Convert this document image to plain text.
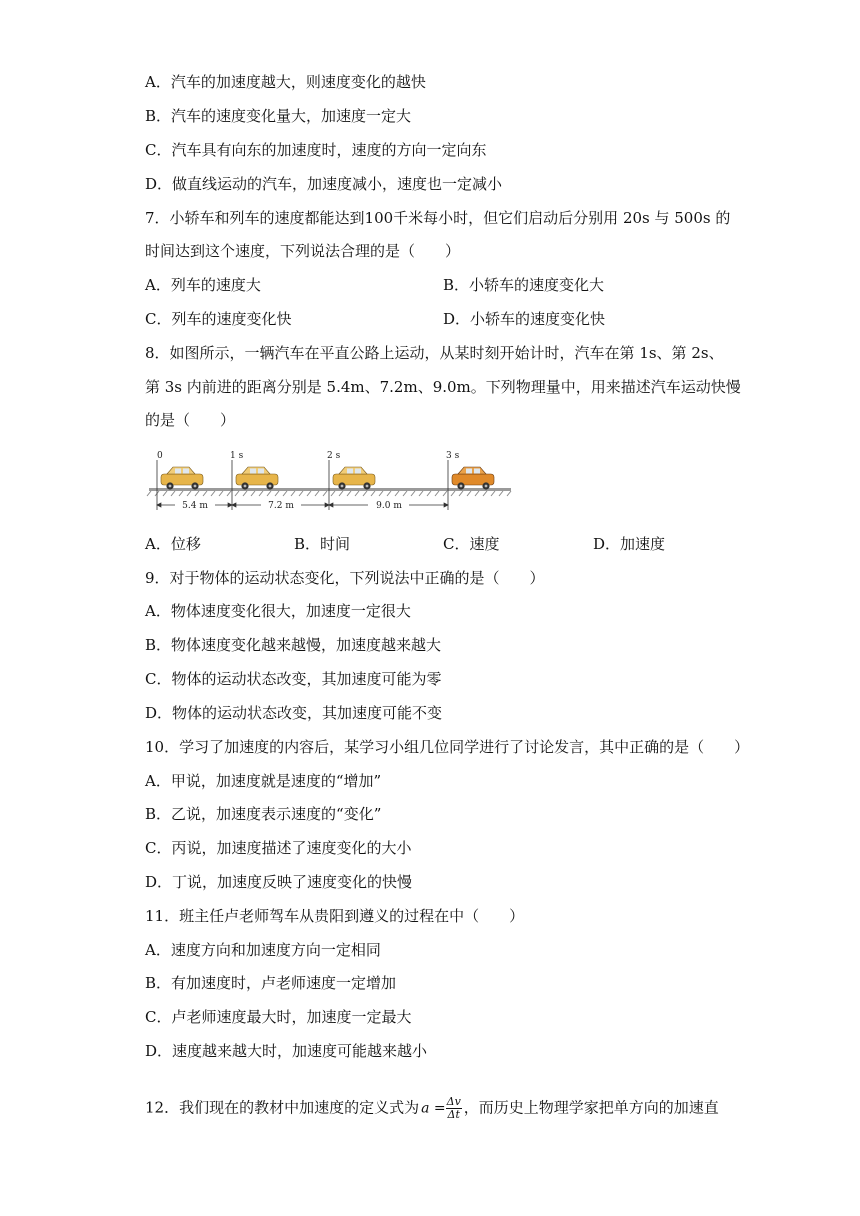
A．汽车的加速度越大，则速度变化的越快
B．汽车的速度变化量大，加速度一定大
C．汽车具有向东的加速度时，速度的方向一定向东
D．做直线运动的汽车，加速度减小，速度也一定减小
7．小轿车和列车的速度都能达到100千米每小时，但它们启动后分别用 20s 与 500s 的
时间达到这个速度，下列说法合理的是（　　）
A．列车的速度大	B．小轿车的速度变化大
C．列车的速度变化快	D．小轿车的速度变化快
8．如图所示，一辆汽车在平直公路上运动，从某时刻开始计时，汽车在第 1s、第 2s、
第 3s 内前进的距离分别是 5.4m、7.2m、9.0m。下列物理量中，用来描述汽车运动快慢
的是（　　）
0	1 s	2 s	3 s
5.4 m	7.2 m	9.0 m
A．位移	B．时间	C．速度	D．加速度
9．对于物体的运动状态变化，下列说法中正确的是（　　）
A．物体速度变化很大，加速度一定很大
B．物体速度变化越来越慢，加速度越来越大
C．物体的运动状态改变，其加速度可能为零
D．物体的运动状态改变，其加速度可能不变
10．学习了加速度的内容后，某学习小组几位同学进行了讨论发言，其中正确的是（　　）
A．甲说，加速度就是速度的“增加”
B．乙说，加速度表示速度的“变化”
C．丙说，加速度描述了速度变化的大小
D．丁说，加速度反映了速度变化的快慢
11．班主任卢老师驾车从贵阳到遵义的过程在中（　　）
A．速度方向和加速度方向一定相同
B．有加速度时，卢老师速度一定增加
C．卢老师速度最大时，加速度一定最大
D．速度越来越大时，加速度可能越来越小
12．我们现在的教材中加速度的定义式为 $a = \frac{\Delta v}{\Delta t}$ ，而历史上物理学家把单方向的加速直
